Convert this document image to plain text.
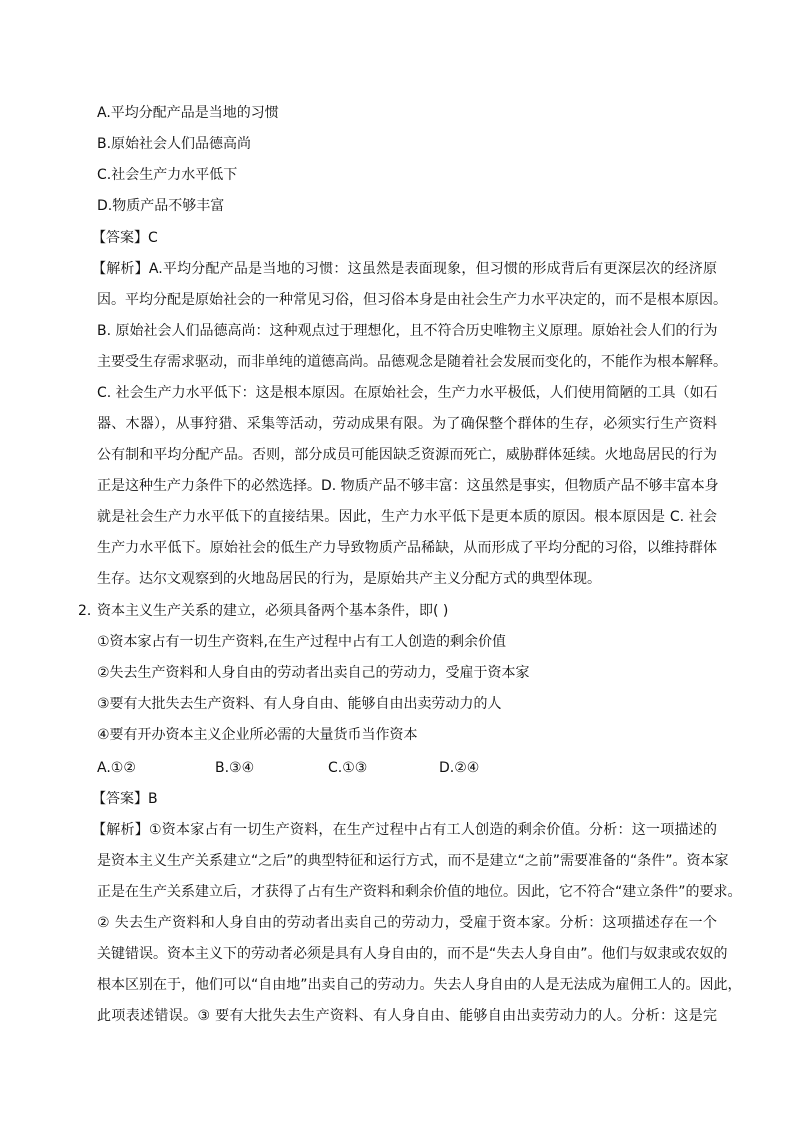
A.平均分配产品是当地的习惯
B.原始社会人们品德高尚
C.社会生产力水平低下
D.物质产品不够丰富
【答案】C
【解析】A.平均分配产品是当地的习惯：这虽然是表面现象，但习惯的形成背后有更深层次的经济原
因。平均分配是原始社会的一种常见习俗，但习俗本身是由社会生产力水平决定的，而不是根本原因。
B. 原始社会人们品德高尚：这种观点过于理想化，且不符合历史唯物主义原理。原始社会人们的行为
主要受生存需求驱动，而非单纯的道德高尚。品德观念是随着社会发展而变化的，不能作为根本解释。
C. 社会生产力水平低下：这是根本原因。在原始社会，生产力水平极低，人们使用简陋的工具（如石
器、木器），从事狩猎、采集等活动，劳动成果有限。为了确保整个群体的生存，必须实行生产资料
公有制和平均分配产品。否则，部分成员可能因缺乏资源而死亡，威胁群体延续。火地岛居民的行为
正是这种生产力条件下的必然选择。D. 物质产品不够丰富：这虽然是事实，但物质产品不够丰富本身
就是社会生产力水平低下的直接结果。因此，生产力水平低下是更本质的原因。根本原因是 C. 社会
生产力水平低下。原始社会的低生产力导致物质产品稀缺，从而形成了平均分配的习俗，以维持群体
生存。达尔文观察到的火地岛居民的行为，是原始共产主义分配方式的典型体现。
2．
资本主义生产关系的建立，必须具备两个基本条件，即( )
①资本家占有一切生产资料,在生产过程中占有工人创造的剩余价值
②失去生产资料和人身自由的劳动者出卖自己的劳动力，受雇于资本家
③要有大批失去生产资料、有人身自由、能够自由出卖劳动力的人
④要有开办资本主义企业所必需的大量货币当作资本
A.①②	B.③④	C.①③	D.②④
【答案】B
【解析】①资本家占有一切生产资料，在生产过程中占有工人创造的剩余价值。分析：这一项描述的
是资本主义生产关系建立“之后”的典型特征和运行方式，而不是建立“之前”需要准备的“条件”。资本家
正是在生产关系建立后，才获得了占有生产资料和剩余价值的地位。因此，它不符合“建立条件”的要求。
② 失去生产资料和人身自由的劳动者出卖自己的劳动力，受雇于资本家。分析：这项描述存在一个
关键错误。资本主义下的劳动者必须是具有人身自由的，而不是“失去人身自由”。他们与奴隶或农奴的
根本区别在于，他们可以“自由地”出卖自己的劳动力。失去人身自由的人是无法成为雇佣工人的。因此，
此项表述错误。③ 要有大批失去生产资料、有人身自由、能够自由出卖劳动力的人。分析：这是完
